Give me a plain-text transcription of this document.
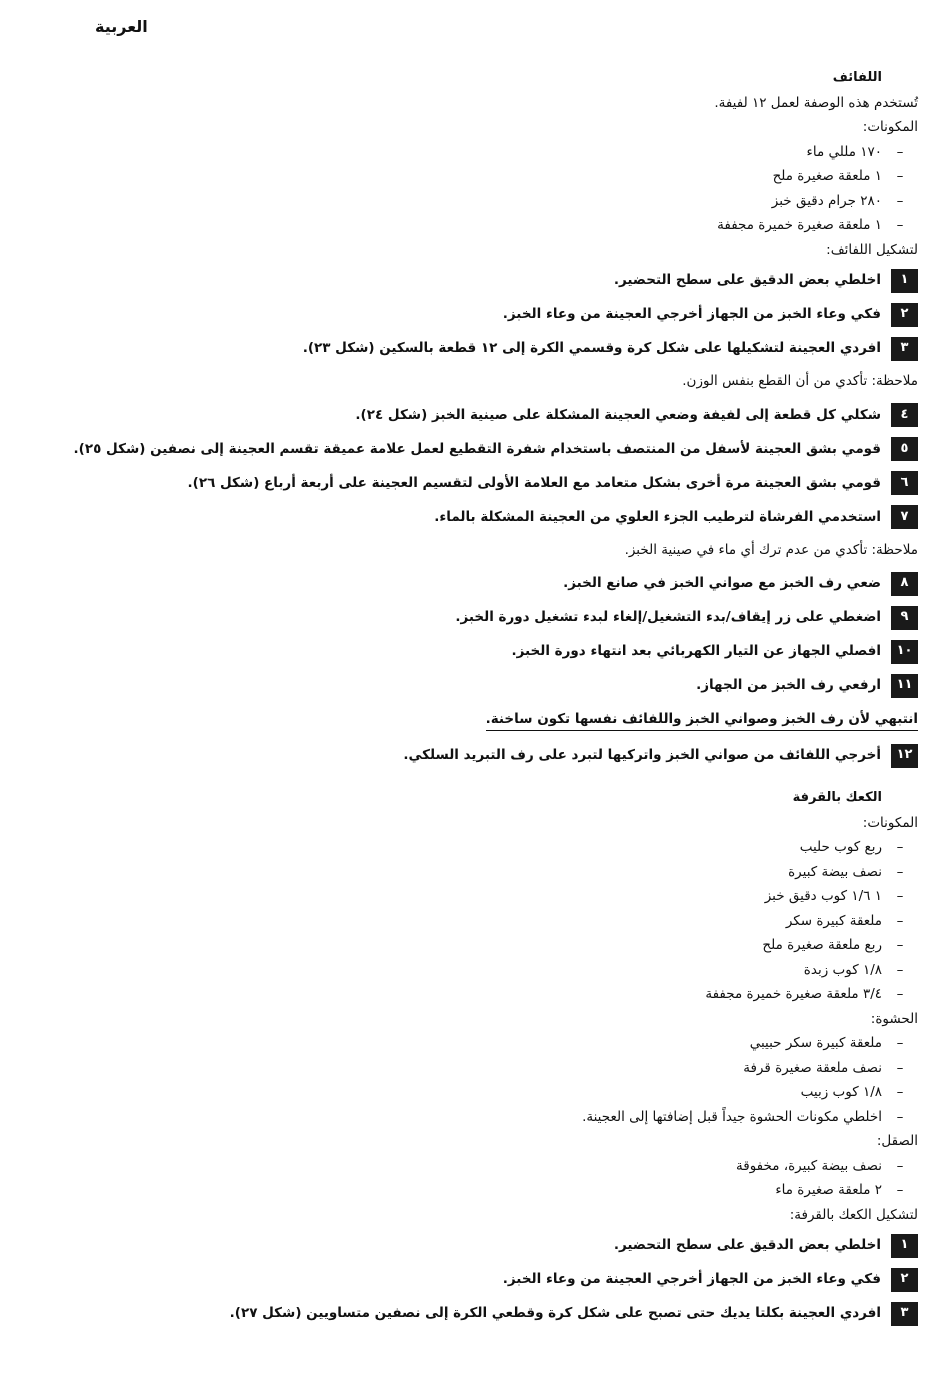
العربية
اللفائف
تُستخدم هذه الوصفة لعمل ١٢ لفيفة.
المكونات:
–١٧٠ مللي ماء
–١ ملعقة صغيرة ملح
–٢٨٠ جرام دقيق خبز
–١ ملعقة صغيرة خميرة مجففة
لتشكيل اللفائف:
١
اخلطي بعض الدقيق على سطح التحضير.
٢
فكي وعاء الخبز من الجهاز أخرجي العجينة من وعاء الخبز.
٣
افردي العجينة لتشكيلها على شكل كرة وقسمي الكرة إلى ١٢ قطعة بالسكين (شكل ٢٣).
ملاحظة: تأكدي من أن القطع بنفس الوزن.
٤
شكلي كل قطعة إلى لفيفة وضعي العجينة المشكلة على صينية الخبز (شكل ٢٤).
٥
قومي بشق العجينة لأسفل من المنتصف باستخدام شفرة التقطيع لعمل علامة عميقة تقسم العجينة إلى نصفين (شكل ٢٥).
٦
قومي بشق العجينة مرة أخرى بشكل متعامد مع العلامة الأولى لتقسيم العجينة على أربعة أرباع (شكل ٢٦).
٧
استخدمي الفرشاة لترطيب الجزء العلوي من العجينة المشكلة بالماء.
ملاحظة: تأكدي من عدم ترك أي ماء في صينية الخبز.
٨
ضعي رف الخبز مع صواني الخبز في صانع الخبز.
٩
اضغطي على زر إيقاف/بدء التشغيل/إلغاء لبدء تشغيل دورة الخبز.
١٠
افصلي الجهاز عن التيار الكهربائي بعد انتهاء دورة الخبز.
١١
ارفعي رف الخبز من الجهاز.
انتبهي لأن رف الخبز وصواني الخبز واللفائف نفسها تكون ساخنة.
١٢
أخرجي اللفائف من صواني الخبز واتركيها لتبرد على رف التبريد السلكي.
الكعك بالقرفة
المكونات:
–ربع كوب حليب
–نصف بيضة كبيرة
–١ ١/٦ كوب دقيق خبز
–ملعقة كبيرة سكر
–ربع ملعقة صغيرة ملح
–١/٨ كوب زبدة
–٣/٤ ملعقة صغيرة خميرة مجففة
الحشوة:
–ملعقة كبيرة سكر حبيبي
–نصف ملعقة صغيرة قرفة
–١/٨ كوب زبيب
–اخلطي مكونات الحشوة جيداً قبل إضافتها إلى العجينة.
الصقل:
–نصف بيضة كبيرة، مخفوقة
–٢ ملعقة صغيرة ماء
لتشكيل الكعك بالقرفة:
١
اخلطي بعض الدقيق على سطح التحضير.
٢
فكي وعاء الخبز من الجهاز أخرجي العجينة من وعاء الخبز.
٣
افردي العجينة بكلتا يديك حتى تصبح على شكل كرة وقطعي الكرة إلى نصفين متساويين (شكل ٢٧).
